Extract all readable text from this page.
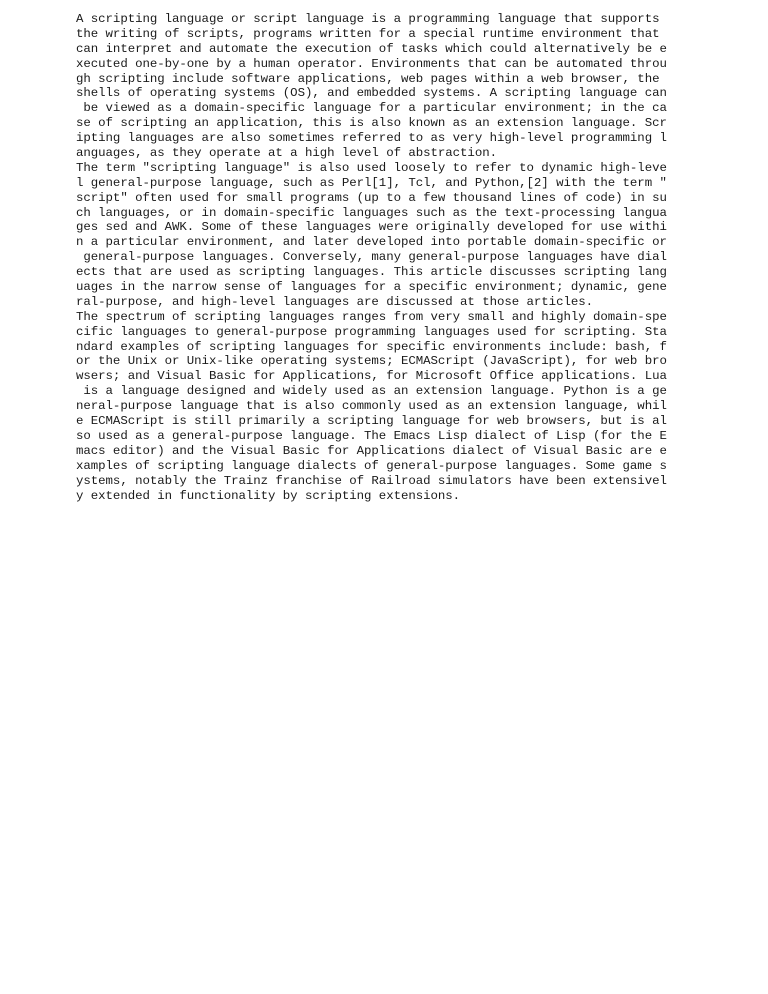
A scripting language or script language is a programming language that supports
the writing of scripts, programs written for a special runtime environment that
can interpret and automate the execution of tasks which could alternatively be e
xecuted one-by-one by a human operator. Environments that can be automated throu
gh scripting include software applications, web pages within a web browser, the
shells of operating systems (OS), and embedded systems. A scripting language can
be viewed as a domain-specific language for a particular environment; in the ca
se of scripting an application, this is also known as an extension language. Scr
ipting languages are also sometimes referred to as very high-level programming l
anguages, as they operate at a high level of abstraction.
The term "scripting language" is also used loosely to refer to dynamic high-leve
l general-purpose language, such as Perl[1], Tcl, and Python,[2] with the term "
script" often used for small programs (up to a few thousand lines of code) in su
ch languages, or in domain-specific languages such as the text-processing langua
ges sed and AWK. Some of these languages were originally developed for use withi
n a particular environment, and later developed into portable domain-specific or
general-purpose languages. Conversely, many general-purpose languages have dial
ects that are used as scripting languages. This article discusses scripting lang
uages in the narrow sense of languages for a specific environment; dynamic, gene
ral-purpose, and high-level languages are discussed at those articles.
The spectrum of scripting languages ranges from very small and highly domain-spe
cific languages to general-purpose programming languages used for scripting. Sta
ndard examples of scripting languages for specific environments include: bash, f
or the Unix or Unix-like operating systems; ECMAScript (JavaScript), for web bro
wsers; and Visual Basic for Applications, for Microsoft Office applications. Lua
is a language designed and widely used as an extension language. Python is a ge
neral-purpose language that is also commonly used as an extension language, whil
e ECMAScript is still primarily a scripting language for web browsers, but is al
so used as a general-purpose language. The Emacs Lisp dialect of Lisp (for the E
macs editor) and the Visual Basic for Applications dialect of Visual Basic are e
xamples of scripting language dialects of general-purpose languages. Some game s
ystems, notably the Trainz franchise of Railroad simulators have been extensivel
y extended in functionality by scripting extensions.
